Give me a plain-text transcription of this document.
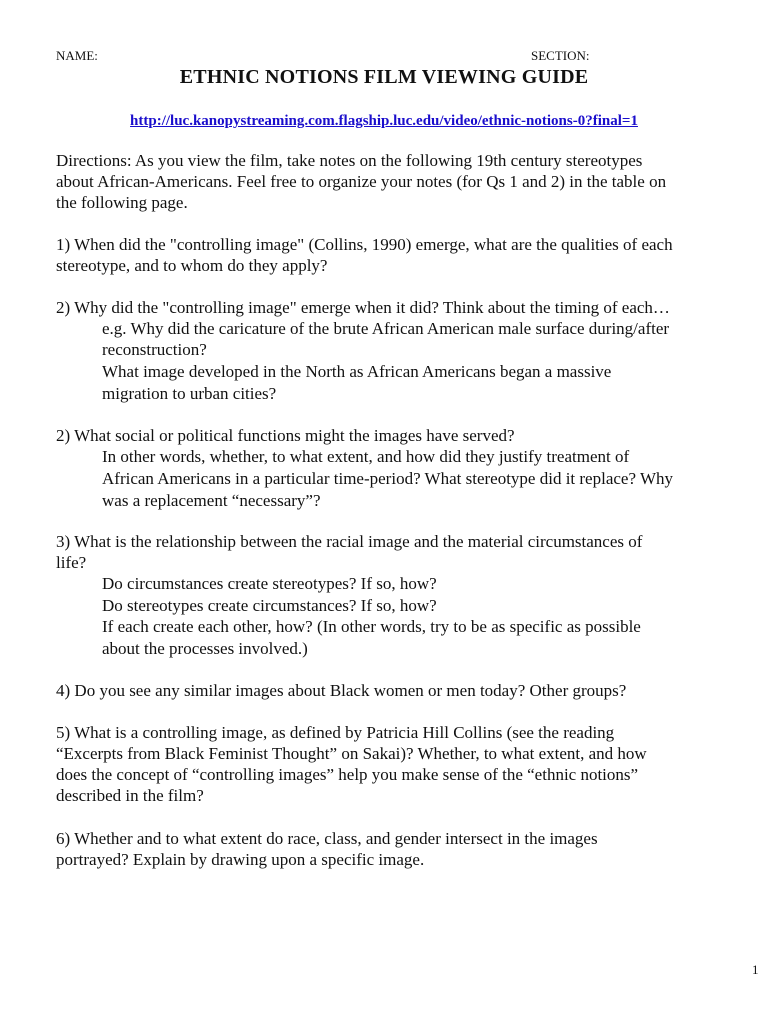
NAME:	SECTION:
ETHNIC NOTIONS FILM VIEWING GUIDE
http://luc.kanopystreaming.com.flagship.luc.edu/video/ethnic-notions-0?final=1
Directions: As you view the film, take notes on the following 19th century stereotypes
about African-Americans. Feel free to organize your notes (for Qs 1 and 2) in the table on
the following page.
1) When did the "controlling image" (Collins, 1990) emerge, what are the qualities of each
stereotype, and to whom do they apply?
2) Why did the "controlling image" emerge when it did? Think about the timing of each…
e.g. Why did the caricature of the brute African American male surface during/after
reconstruction?
What image developed in the North as African Americans began a massive
migration to urban cities?
2) What social or political functions might the images have served?
In other words, whether, to what extent, and how did they justify treatment of
African Americans in a particular time-period? What stereotype did it replace? Why
was a replacement “necessary”?
3) What is the relationship between the racial image and the material circumstances of
life?
Do circumstances create stereotypes? If so, how?
Do stereotypes create circumstances? If so, how?
If each create each other, how? (In other words, try to be as specific as possible
about the processes involved.)
4) Do you see any similar images about Black women or men today? Other groups?
5) What is a controlling image, as defined by Patricia Hill Collins (see the reading
“Excerpts from Black Feminist Thought” on Sakai)? Whether, to what extent, and how
does the concept of “controlling images” help you make sense of the “ethnic notions”
described in the film?
6) Whether and to what extent do race, class, and gender intersect in the images
portrayed? Explain by drawing upon a specific image.
1
